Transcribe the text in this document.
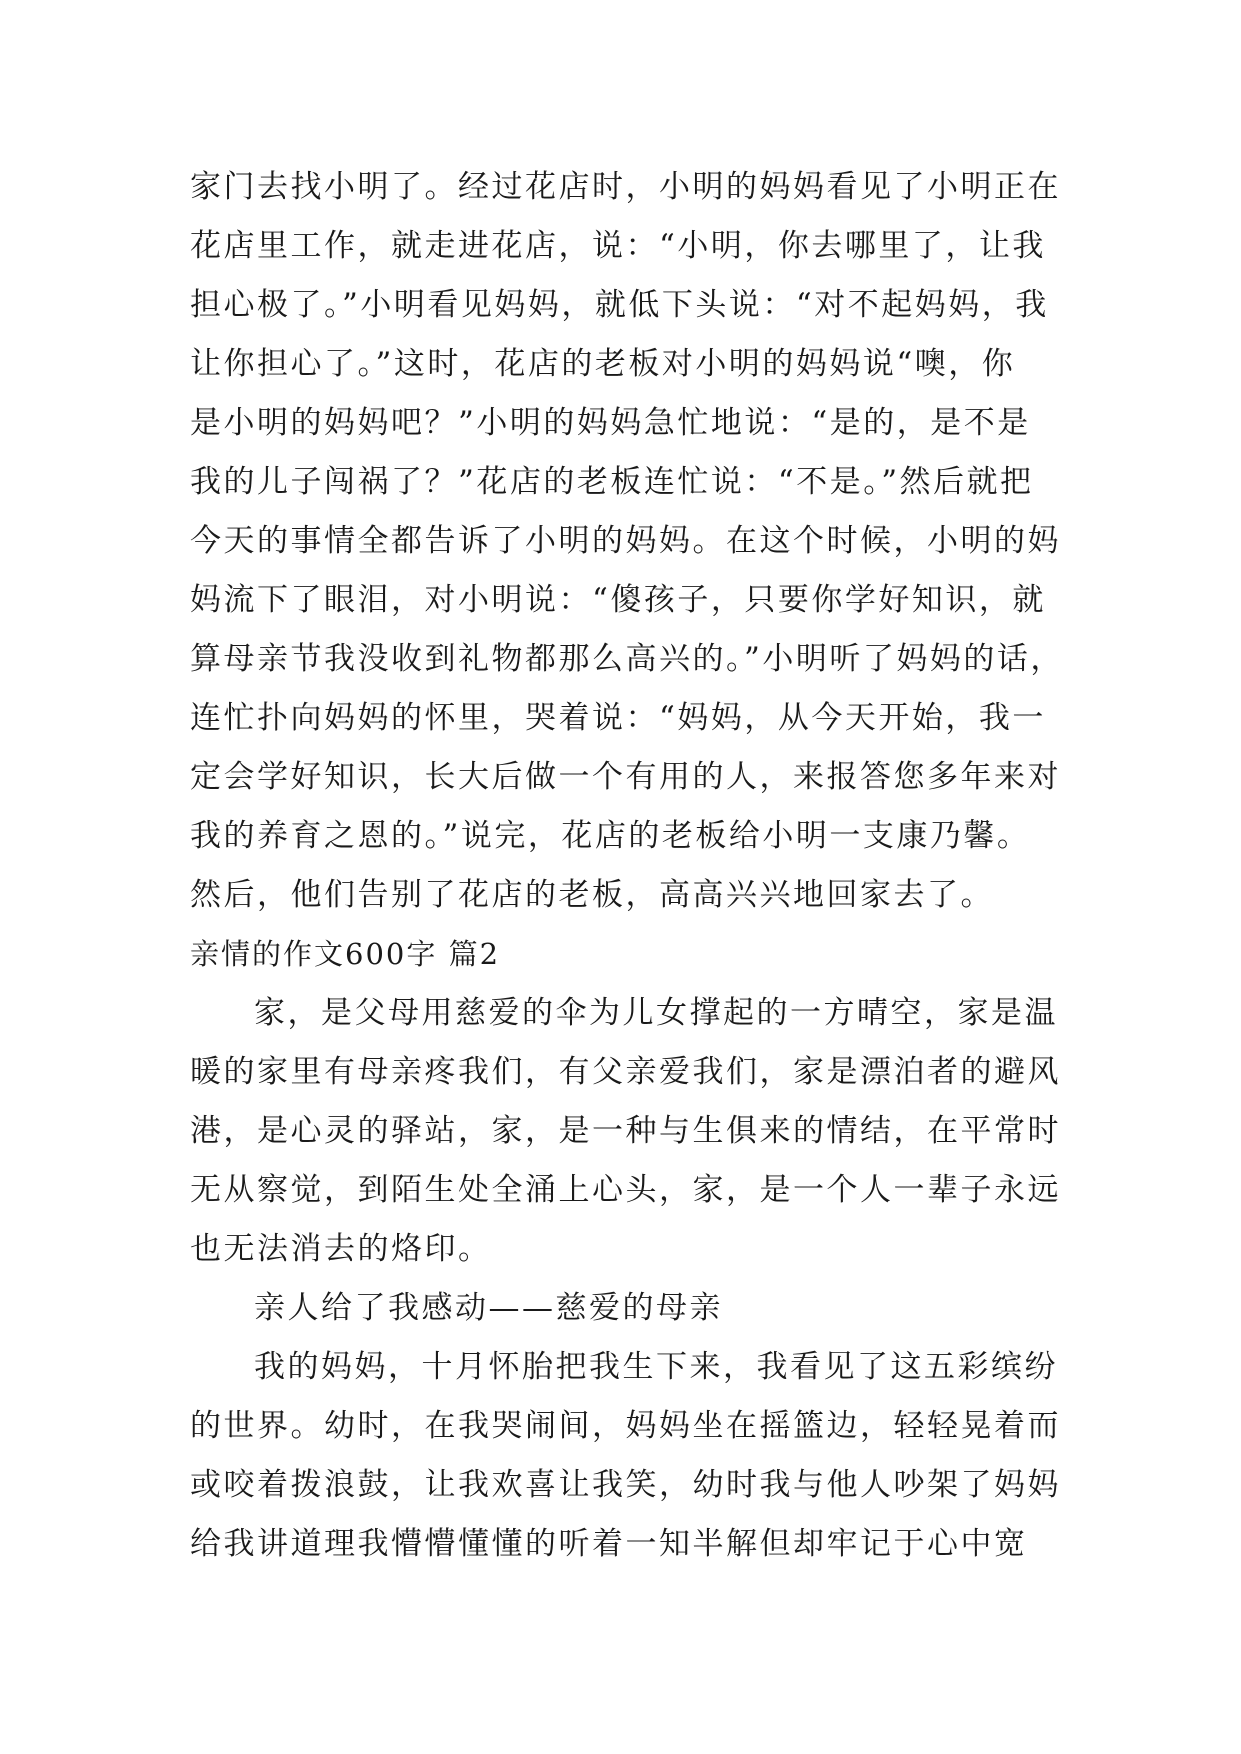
家门去找小明了。经过花店时，小明的妈妈看见了小明正在
花店里工作，就走进花店，说：“小明，你去哪里了，让我
担心极了。”小明看见妈妈，就低下头说：“对不起妈妈，我
让你担心了。”这时，花店的老板对小明的妈妈说“噢，你
是小明的妈妈吧？”小明的妈妈急忙地说：“是的，是不是
我的儿子闯祸了？”花店的老板连忙说：“不是。”然后就把
今天的事情全都告诉了小明的妈妈。在这个时候，小明的妈
妈流下了眼泪，对小明说：“傻孩子，只要你学好知识，就
算母亲节我没收到礼物都那么高兴的。”小明听了妈妈的话，
连忙扑向妈妈的怀里，哭着说：“妈妈，从今天开始，我一
定会学好知识，长大后做一个有用的人，来报答您多年来对
我的养育之恩的。”说完，花店的老板给小明一支康乃馨。
然后，他们告别了花店的老板，高高兴兴地回家去了。
亲情的作文600字 篇2
家，是父母用慈爱的伞为儿女撑起的一方晴空，家是温
暖的家里有母亲疼我们，有父亲爱我们，家是漂泊者的避风
港，是心灵的驿站，家，是一种与生俱来的情结，在平常时
无从察觉，到陌生处全涌上心头，家，是一个人一辈子永远
也无法消去的烙印。
亲人给了我感动——慈爱的母亲
我的妈妈，十月怀胎把我生下来，我看见了这五彩缤纷
的世界。幼时，在我哭闹间，妈妈坐在摇篮边，轻轻晃着而
或咬着拨浪鼓，让我欢喜让我笑，幼时我与他人吵架了妈妈
给我讲道理我懵懵懂懂的听着一知半解但却牢记于心中宽
